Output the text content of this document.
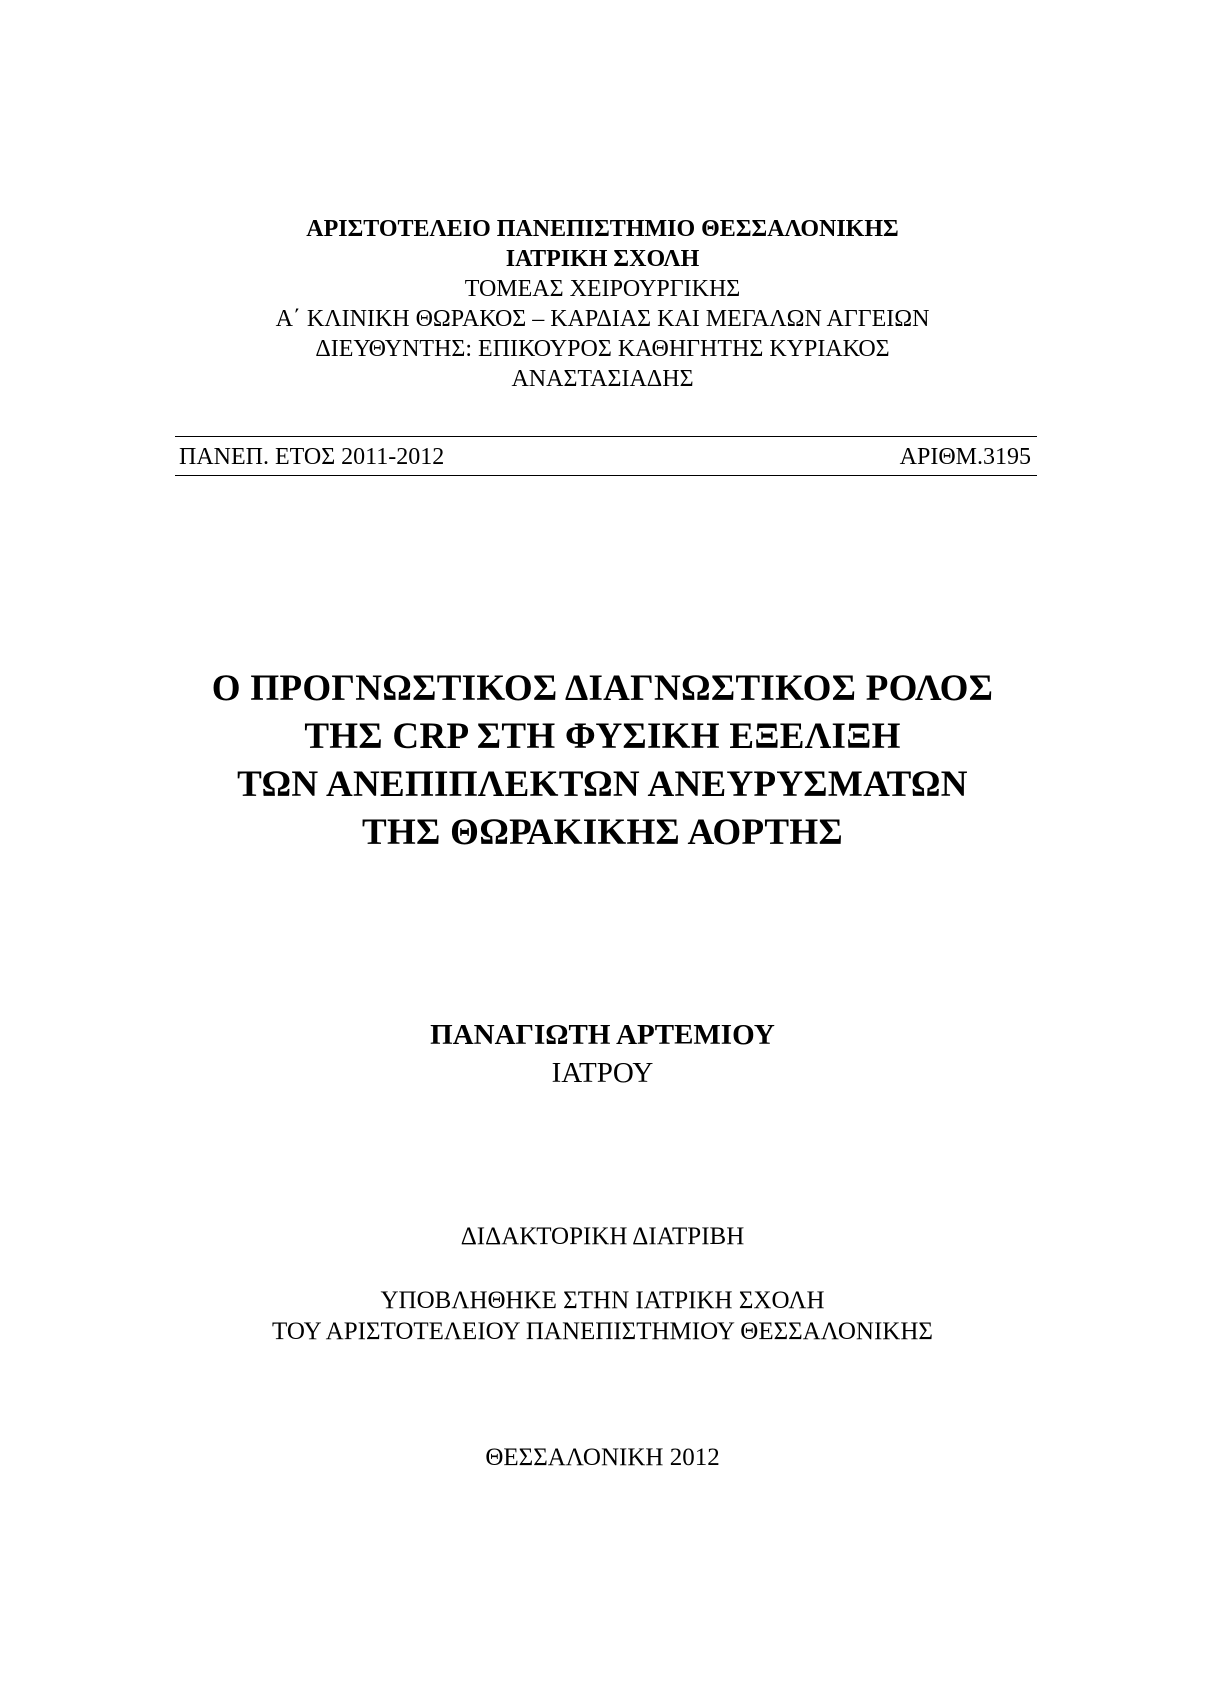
ΑΡΙΣΤΟΤΕΛΕΙΟ ΠΑΝΕΠΙΣΤΗΜΙΟ ΘΕΣΣΑΛΟΝΙΚΗΣ
ΙΑΤΡΙΚΗ ΣΧΟΛΗ
ΤΟΜΕΑΣ ΧΕΙΡΟΥΡΓΙΚΗΣ
Α΄ ΚΛΙΝΙΚΗ ΘΩΡΑΚΟΣ – ΚΑΡΔΙΑΣ ΚΑΙ ΜΕΓΑΛΩΝ ΑΓΓΕΙΩΝ
ΔΙΕΥΘΥΝΤΗΣ: ΕΠΙΚΟΥΡΟΣ ΚΑΘΗΓΗΤΗΣ ΚΥΡΙΑΚΟΣ
ΑΝΑΣΤΑΣΙΑΔΗΣ
ΠΑΝΕΠ. ΕΤΟΣ 2011-2012	ΑΡΙΘΜ.3195
Ο ΠΡΟΓΝΩΣΤΙΚΟΣ ΔΙΑΓΝΩΣΤΙΚΟΣ ΡΟΛΟΣ
ΤΗΣ CRP ΣΤΗ ΦΥΣΙΚΗ ΕΞΕΛΙΞΗ
ΤΩΝ ΑΝΕΠΙΠΛΕΚΤΩΝ ΑΝΕΥΡΥΣΜΑΤΩΝ
ΤΗΣ ΘΩΡΑΚΙΚΗΣ ΑΟΡΤΗΣ
ΠΑΝΑΓΙΩΤΗ ΑΡΤΕΜΙΟΥ
ΙΑΤΡΟΥ
ΔΙΔΑΚΤΟΡΙΚΗ ΔΙΑΤΡΙΒΗ
ΥΠΟΒΛΗΘΗΚΕ ΣΤΗΝ ΙΑΤΡΙΚΗ ΣΧΟΛΗ
ΤΟΥ ΑΡΙΣΤΟΤΕΛΕΙΟΥ ΠΑΝΕΠΙΣΤΗΜΙΟΥ ΘΕΣΣΑΛΟΝΙΚΗΣ
ΘΕΣΣΑΛΟΝΙΚΗ 2012
